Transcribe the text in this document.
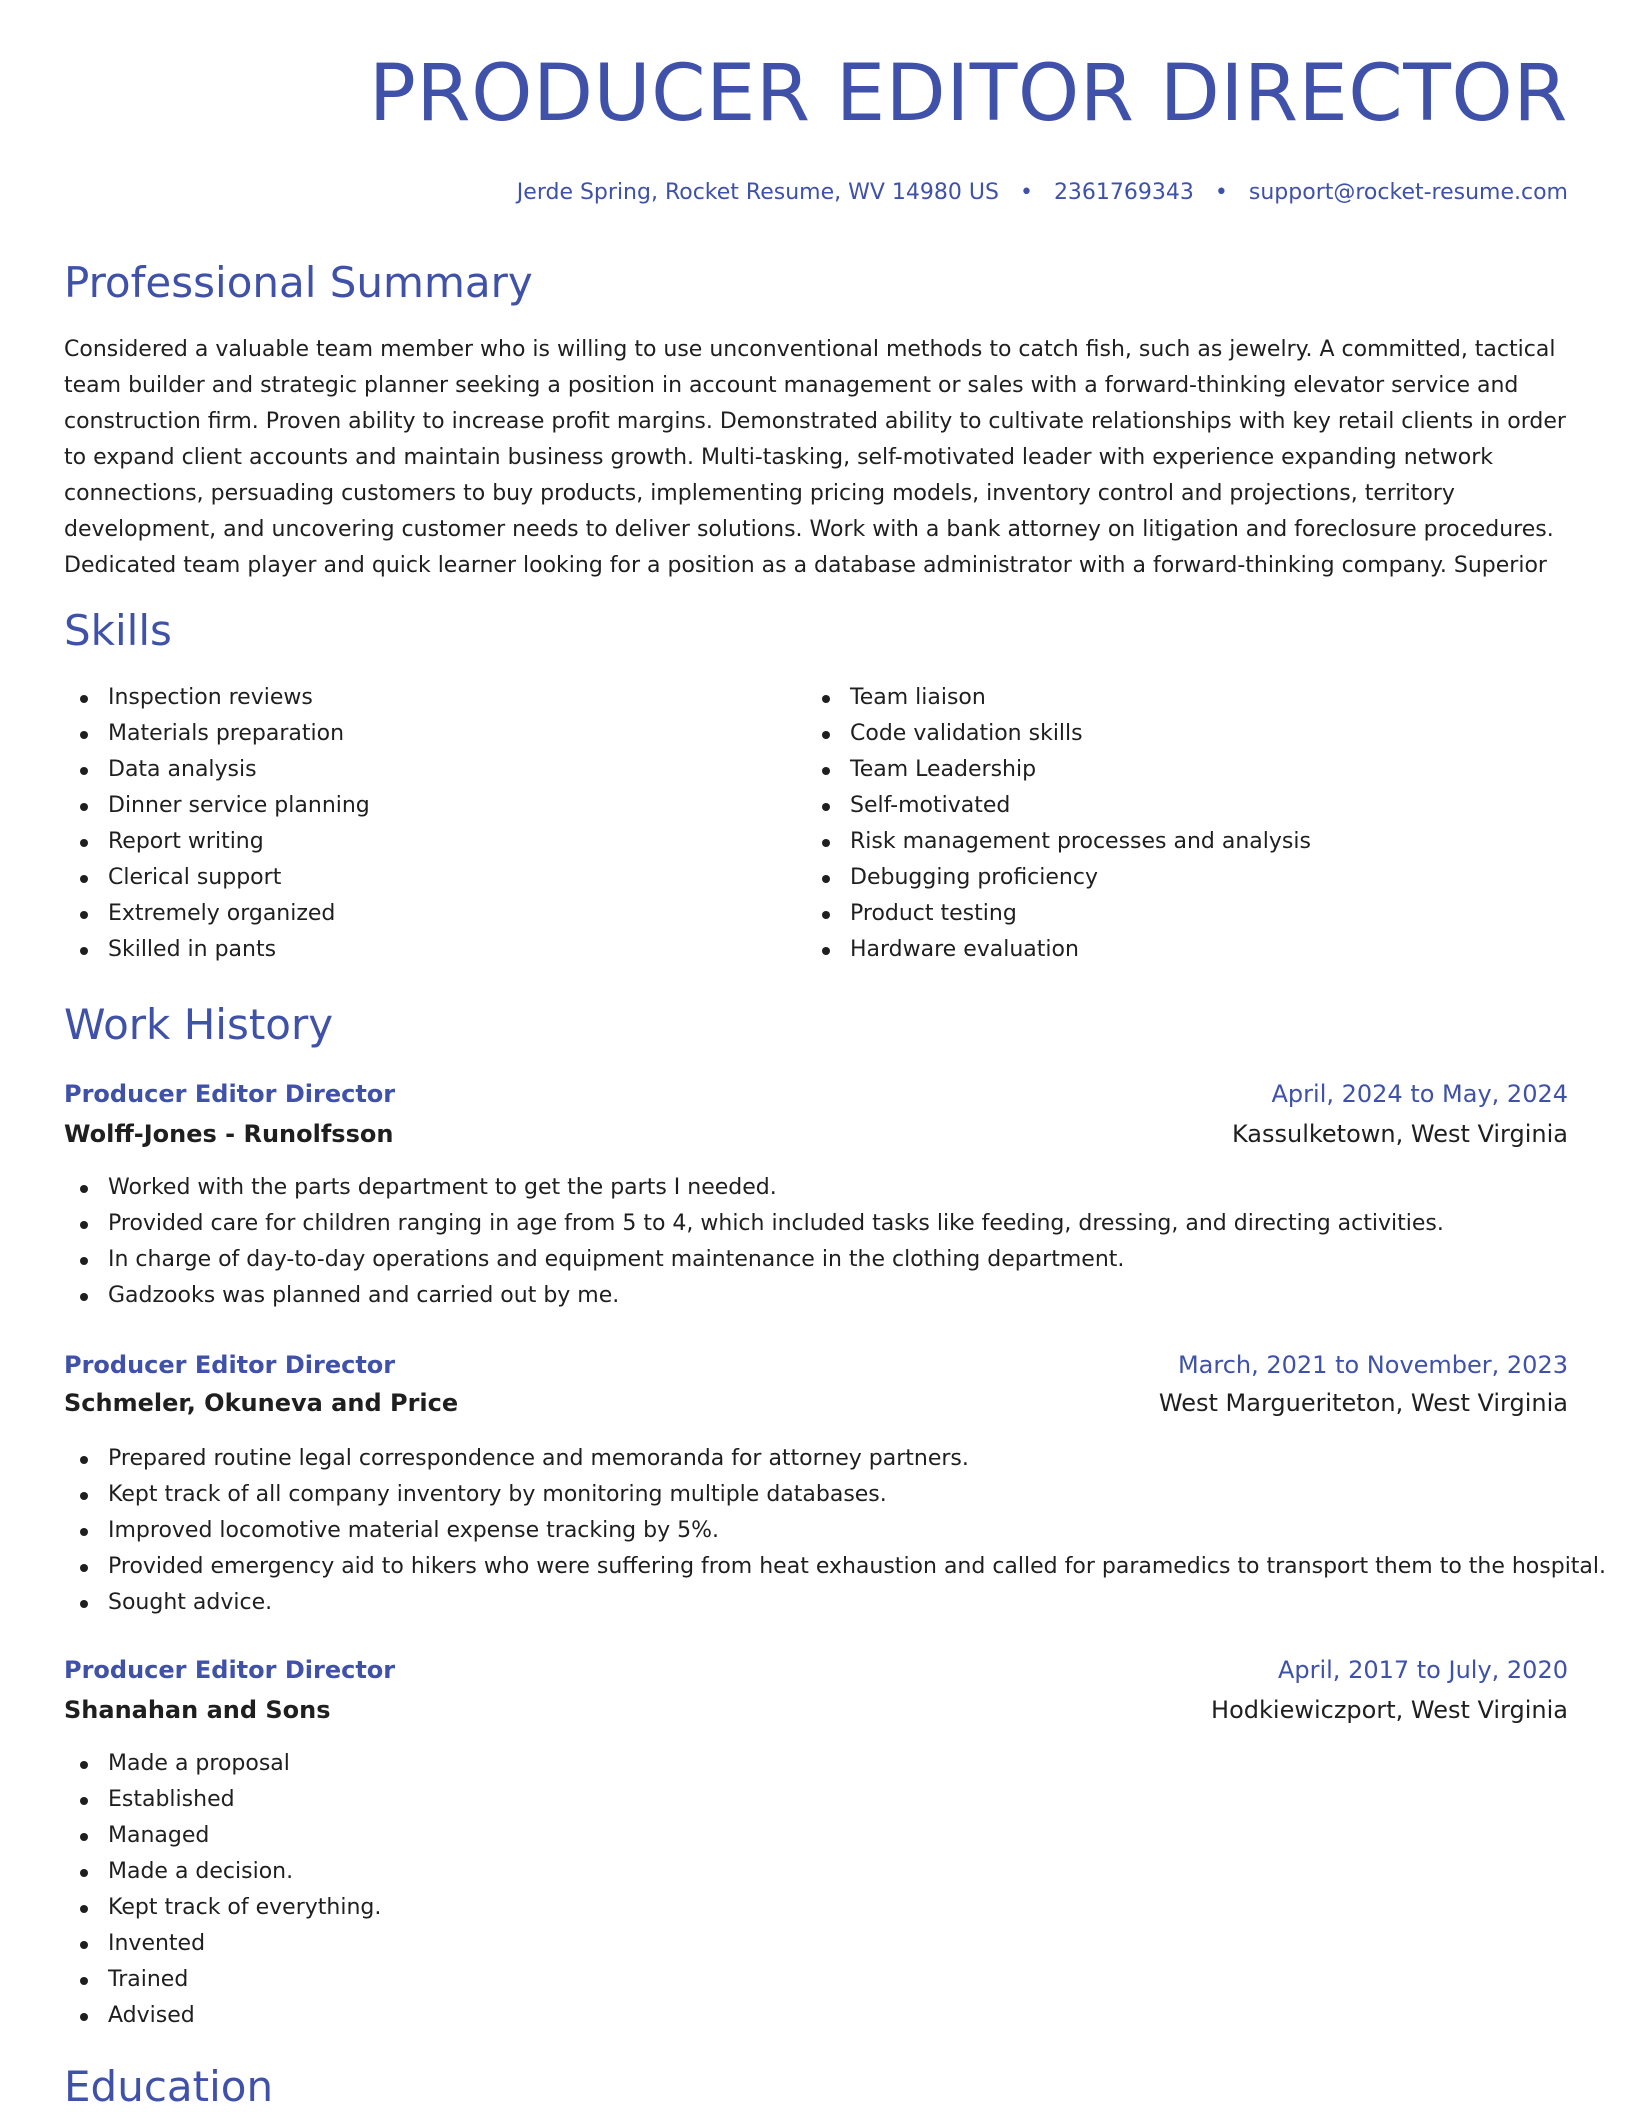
PRODUCER EDITOR DIRECTOR
Jerde Spring, Rocket Resume, WV 14980 US • 2361769343 • support@rocket-resume.com
Professional Summary

Considered a valuable team member who is willing to use unconventional methods to catch fish, such as jewelry. A committed, tactical team builder and strategic planner seeking a position in account management or sales with a forward-thinking elevator service and construction firm. Proven ability to increase profit margins. Demonstrated ability to cultivate relationships with key retail clients in order to expand client accounts and maintain business growth. Multi-tasking, self-motivated leader with experience expanding network connections, persuading customers to buy products, implementing pricing models, inventory control and projections, territory development, and uncovering customer needs to deliver solutions. Work with a bank attorney on litigation and foreclosure procedures. Dedicated team player and quick learner looking for a position as a database administrator with a forward-thinking company. Superior

Skills
Inspection reviews
Materials preparation
Data analysis
Dinner service planning
Report writing
Clerical support
Extremely organized
Skilled in pants
Team liaison
Code validation skills
Team Leadership
Self-motivated
Risk management processes and analysis
Debugging proficiency
Product testing
Hardware evaluation
Work History
Producer Editor Director	April, 2024 to May, 2024
Wolff-Jones - Runolfsson	Kassulketown, West Virginia
Worked with the parts department to get the parts I needed.
Provided care for children ranging in age from 5 to 4, which included tasks like feeding, dressing, and directing activities.
In charge of day-to-day operations and equipment maintenance in the clothing department.
Gadzooks was planned and carried out by me.
Producer Editor Director	March, 2021 to November, 2023
Schmeler, Okuneva and Price	West Margueriteton, West Virginia
Prepared routine legal correspondence and memoranda for attorney partners.
Kept track of all company inventory by monitoring multiple databases.
Improved locomotive material expense tracking by 5%.
Provided emergency aid to hikers who were suffering from heat exhaustion and called for paramedics to transport them to the hospital.
Sought advice.
Producer Editor Director	April, 2017 to July, 2020
Shanahan and Sons	Hodkiewiczport, West Virginia
Made a proposal
Established
Managed
Made a decision.
Kept track of everything.
Invented
Trained
Advised
Education
